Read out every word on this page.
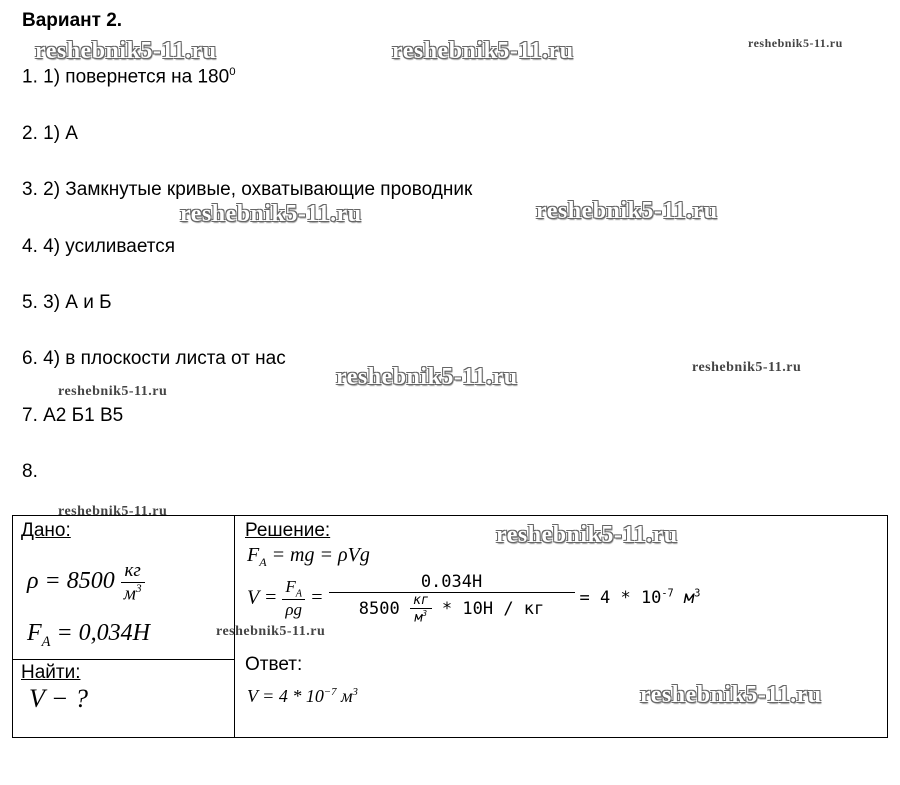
Вариант 2.
1. 1) повернется на $180^0$
2. 1) А
3. 2) Замкнутые кривые, охватывающие проводник
4. 4) усиливается
5. 3) А и Б
6. 4) в плоскости листа от нас
7. А2 Б1 В5
8.
reshebnik5-11.ru	reshebnik5-11.ru	reshebnik5-11.ru
reshebnik5-11.ru	reshebnik5-11.ru
reshebnik5-11.ru	reshebnik5-11.ru
reshebnik5-11.ru
reshebnik5-11.ru
Дано:
$\rho = 8500 \frac{кг}{м^3}$
$F_A = 0,034H$
Найти:
V − ?
Решение:
$F_A$ = mg = ρVg
$V = \frac{F_A}{\rho g} = \frac{0.034H}{8500 \frac{кг}{м^3} * 10H / кг} = 4 * 10^{-7}$ $м^3$
Ответ:
$V = 4 * 10^{-7}$ $м^3$
reshebnik5-11.ru
reshebnik5-11.ru
reshebnik5-11.ru
